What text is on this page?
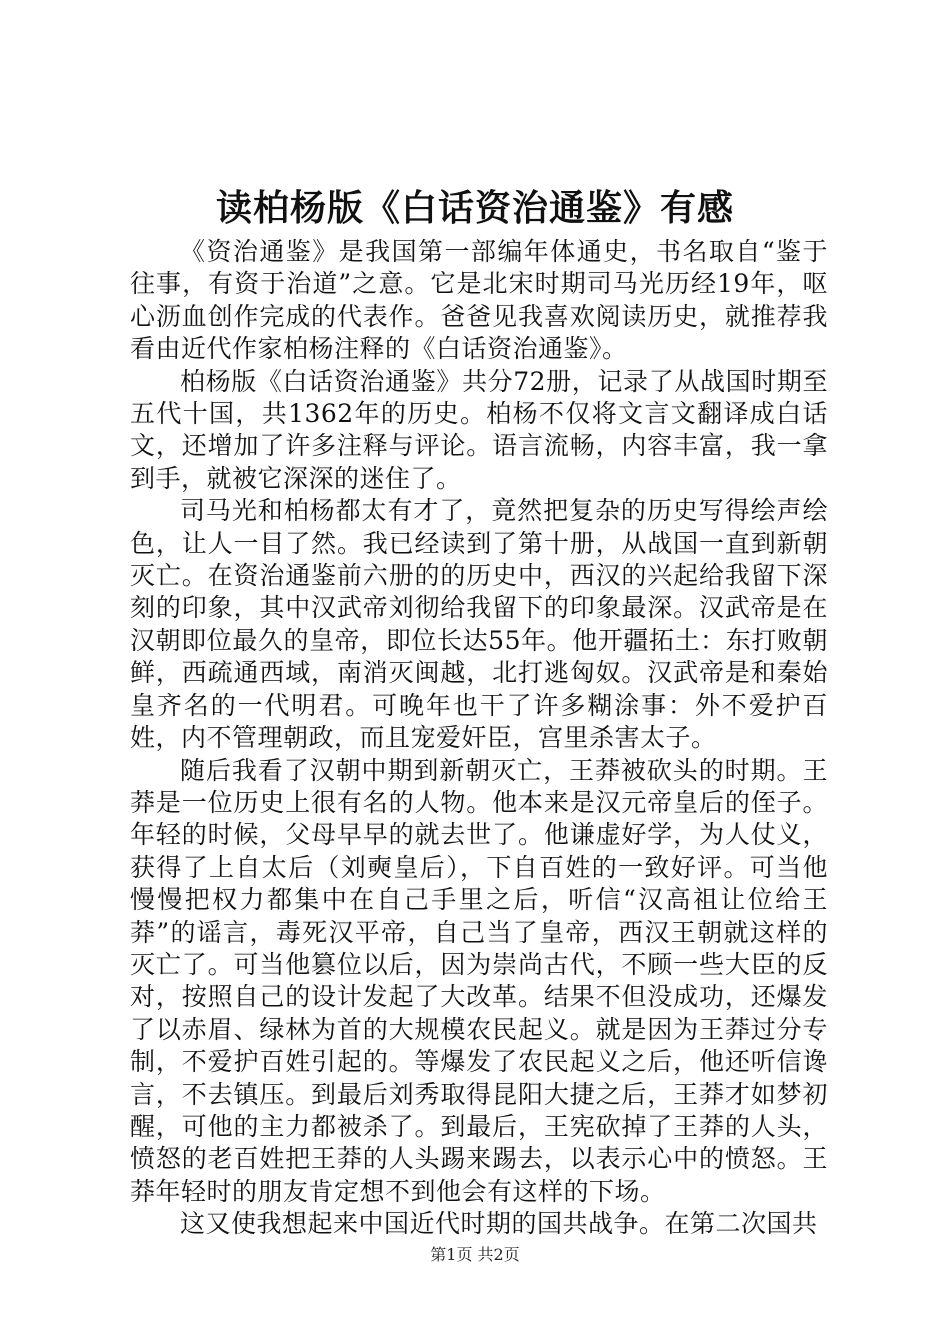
读柏杨版《白话资治通鉴》有感

《资治通鉴》是我国第一部编年体通史，书名取自“鉴于往事，有资于治道”之意。它是北宋时期司马光历经19年，呕心沥血创作完成的代表作。爸爸见我喜欢阅读历史，就推荐我看由近代作家柏杨注释的《白话资治通鉴》。

柏杨版《白话资治通鉴》共分72册，记录了从战国时期至五代十国，共1362年的历史。柏杨不仅将文言文翻译成白话文，还增加了许多注释与评论。语言流畅，内容丰富，我一拿到手，就被它深深的迷住了。

司马光和柏杨都太有才了，竟然把复杂的历史写得绘声绘色，让人一目了然。我已经读到了第十册，从战国一直到新朝灭亡。在资治通鉴前六册的的历史中，西汉的兴起给我留下深刻的印象，其中汉武帝刘彻给我留下的印象最深。汉武帝是在汉朝即位最久的皇帝，即位长达55年。他开疆拓土：东打败朝鲜，西疏通西域，南消灭闽越，北打逃匈奴。汉武帝是和秦始皇齐名的一代明君。可晚年也干了许多糊涂事：外不爱护百姓，内不管理朝政，而且宠爱奸臣，宫里杀害太子。

随后我看了汉朝中期到新朝灭亡，王莽被砍头的时期。王莽是一位历史上很有名的人物。他本来是汉元帝皇后的侄子。年轻的时候，父母早早的就去世了。他谦虚好学，为人仗义，获得了上自太后（刘奭皇后），下自百姓的一致好评。可当他慢慢把权力都集中在自己手里之后，听信“汉高祖让位给王莽”的谣言，毒死汉平帝，自己当了皇帝，西汉王朝就这样的灭亡了。可当他篡位以后，因为崇尚古代，不顾一些大臣的反对，按照自己的设计发起了大改革。结果不但没成功，还爆发了以赤眉、绿林为首的大规模农民起义。就是因为王莽过分专制，不爱护百姓引起的。等爆发了农民起义之后，他还听信谗言，不去镇压。到最后刘秀取得昆阳大捷之后，王莽才如梦初醒，可他的主力都被杀了。到最后，王宪砍掉了王莽的人头，愤怒的老百姓把王莽的人头踢来踢去，以表示心中的愤怒。王莽年轻时的朋友肯定想不到他会有这样的下场。

这又使我想起来中国近代时期的国共战争。在第二次国共

第1页 共2页
